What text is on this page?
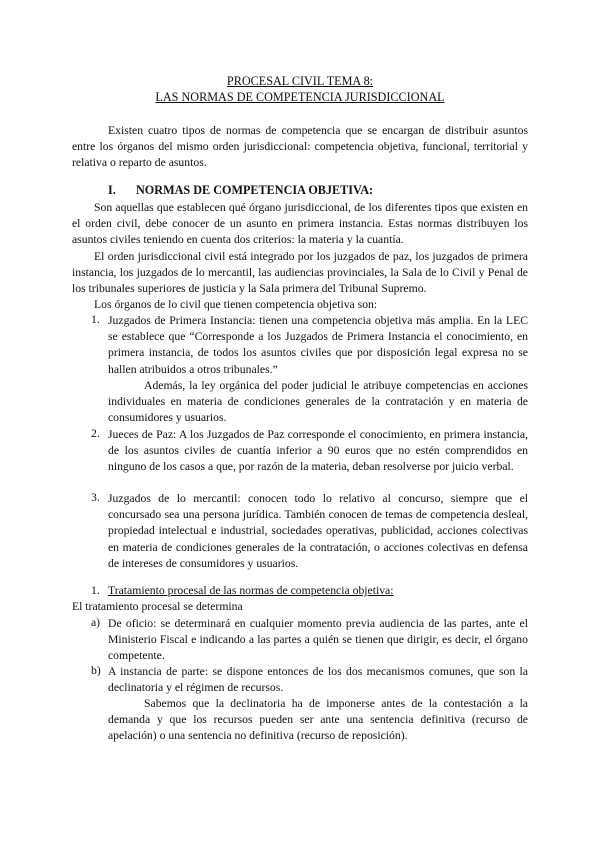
PROCESAL CIVIL TEMA 8:
LAS NORMAS DE COMPETENCIA JURISDICCIONAL
Existen cuatro tipos de normas de competencia que se encargan de distribuir asuntos entre los órganos del mismo orden jurisdiccional: competencia objetiva, funcional, territorial y relativa o reparto de asuntos.
I. NORMAS DE COMPETENCIA OBJETIVA:
Son aquellas que establecen qué órgano jurisdiccional, de los diferentes tipos que existen en el orden civil, debe conocer de un asunto en primera instancia. Estas normas distribuyen los asuntos civiles teniendo en cuenta dos criterios: la materia y la cuantía.
El orden jurisdiccional civil está integrado por los juzgados de paz, los juzgados de primera instancia, los juzgados de lo mercantil, las audiencias provinciales, la Sala de lo Civil y Penal de los tribunales superiores de justicia y la Sala primera del Tribunal Supremo.
Los órganos de lo civil que tienen competencia objetiva son:
1. Juzgados de Primera Instancia: tienen una competencia objetiva más amplia. En la LEC se establece que “Corresponde a los Juzgados de Primera Instancia el conocimiento, en primera instancia, de todos los asuntos civiles que por disposición legal expresa no se hallen atribuidos a otros tribunales.”
Además, la ley orgánica del poder judicial le atribuye competencias en acciones individuales en materia de condiciones generales de la contratación y en materia de consumidores y usuarios.
2. Jueces de Paz: A los Juzgados de Paz corresponde el conocimiento, en primera instancia, de los asuntos civiles de cuantía inferior a 90 euros que no estén comprendidos en ninguno de los casos a que, por razón de la materia, deban resolverse por juicio verbal.
3. Juzgados de lo mercantil: conocen todo lo relativo al concurso, siempre que el concursado sea una persona jurídica. También conocen de temas de competencia desleal, propiedad intelectual e industrial, sociedades operativas, publicidad, acciones colectivas en materia de condiciones generales de la contratación, o acciones colectivas en defensa de intereses de consumidores y usuarios.
1. Tratamiento procesal de las normas de competencia objetiva:
El tratamiento procesal se determina
a) De oficio: se determinará en cualquier momento previa audiencia de las partes, ante el Ministerio Fiscal e indicando a las partes a quién se tienen que dirigir, es decir, el órgano competente.
b) A instancia de parte: se dispone entonces de los dos mecanismos comunes, que son la declinatoria y el régimen de recursos.
Sabemos que la declinatoria ha de imponerse antes de la contestación a la demanda y que los recursos pueden ser ante una sentencia definitiva (recurso de apelación) o una sentencia no definitiva (recurso de reposición).
